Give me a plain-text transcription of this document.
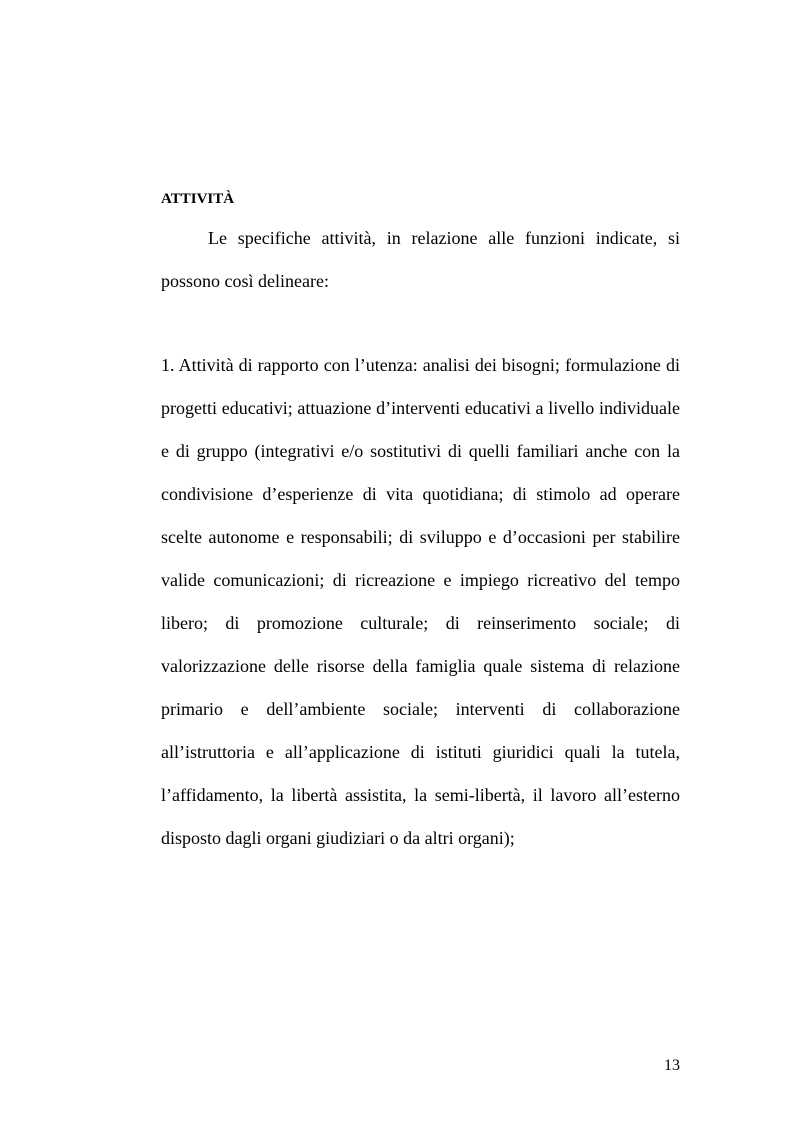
ATTIVITÀ

Le specifiche attività, in relazione alle funzioni indicate, si possono così delineare:

1. Attività di rapporto con l’utenza: analisi dei bisogni; formulazione di progetti educativi; attuazione d’interventi educativi a livello individuale e di gruppo (integrativi e/o sostitutivi di quelli familiari anche con la condivisione d’esperienze di vita quotidiana; di stimolo ad operare scelte autonome e responsabili; di sviluppo e d’occasioni per stabilire valide comunicazioni; di ricreazione e impiego ricreativo del tempo libero; di promozione culturale; di reinserimento sociale; di valorizzazione delle risorse della famiglia quale sistema di relazione primario e dell’ambiente sociale; interventi di collaborazione all’istruttoria e all’applicazione di istituti giuridici quali la tutela, l’affidamento, la libertà assistita, la semi-libertà, il lavoro all’esterno disposto dagli organi giudiziari o da altri organi);

13
